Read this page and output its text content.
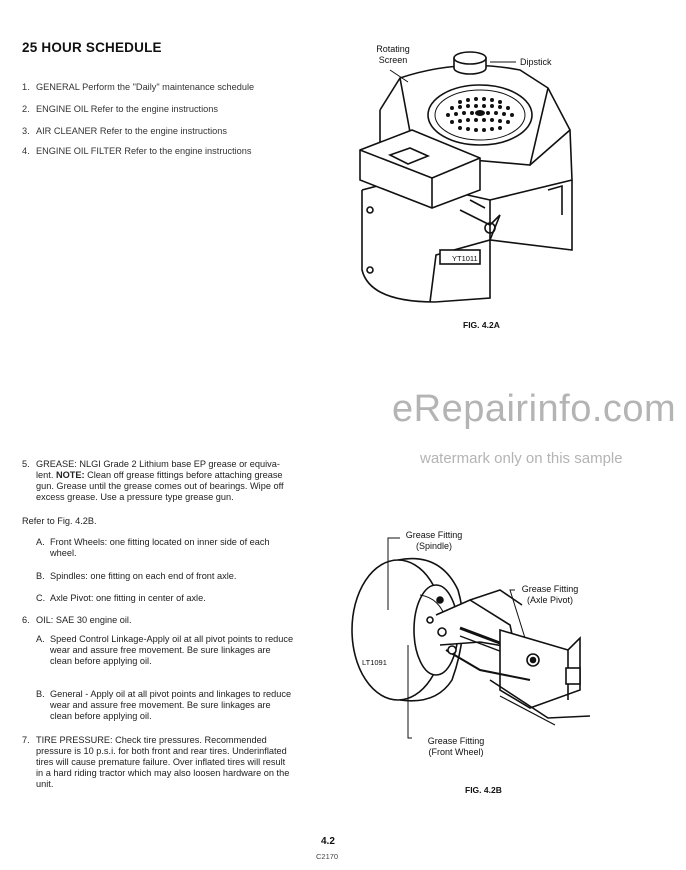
25 HOUR SCHEDULE
1. GENERAL Perform the "Daily" maintenance schedule
2. ENGINE OIL Refer to the engine instructions
3. AIR CLEANER Refer to the engine instructions
4. ENGINE OIL FILTER Refer to the engine instructions
Rotating Screen	Dipstick
YT1011
FIG. 4.2A
eRepairinfo.com
watermark only on this sample
5. GREASE: NLGI Grade 2 Lithium base EP grease or equiva-lent. NOTE: Clean off grease fittings before attaching grease gun. Grease until the grease comes out of bearings. Wipe off excess grease. Use a pressure type grease gun.
Refer to Fig. 4.2B.
A. Front Wheels: one fitting located on inner side of each wheel.
B. Spindles: one fitting on each end of front axle.
C. Axle Pivot: one fitting in center of axle.
6. OIL: SAE 30 engine oil.
A. Speed Control Linkage-Apply oil at all pivot points to reduce wear and assure free movement. Be sure linkages are clean before applying oil.
B. General - Apply oil at all pivot points and linkages to reduce wear and assure free movement. Be sure linkages are clean before applying oil.
7. TIRE PRESSURE: Check tire pressures. Recommended pressure is 10 p.s.i. for both front and rear tires. Underinflated tires will cause premature failure. Over inflated tires will result in a hard riding tractor which may also loosen hardware on the unit.
Grease Fitting
(Spindle)
Grease Fitting
(Axle Pivot)
Grease Fitting
(Front Wheel)
LT1091
FIG. 4.2B
4.2
C2170
